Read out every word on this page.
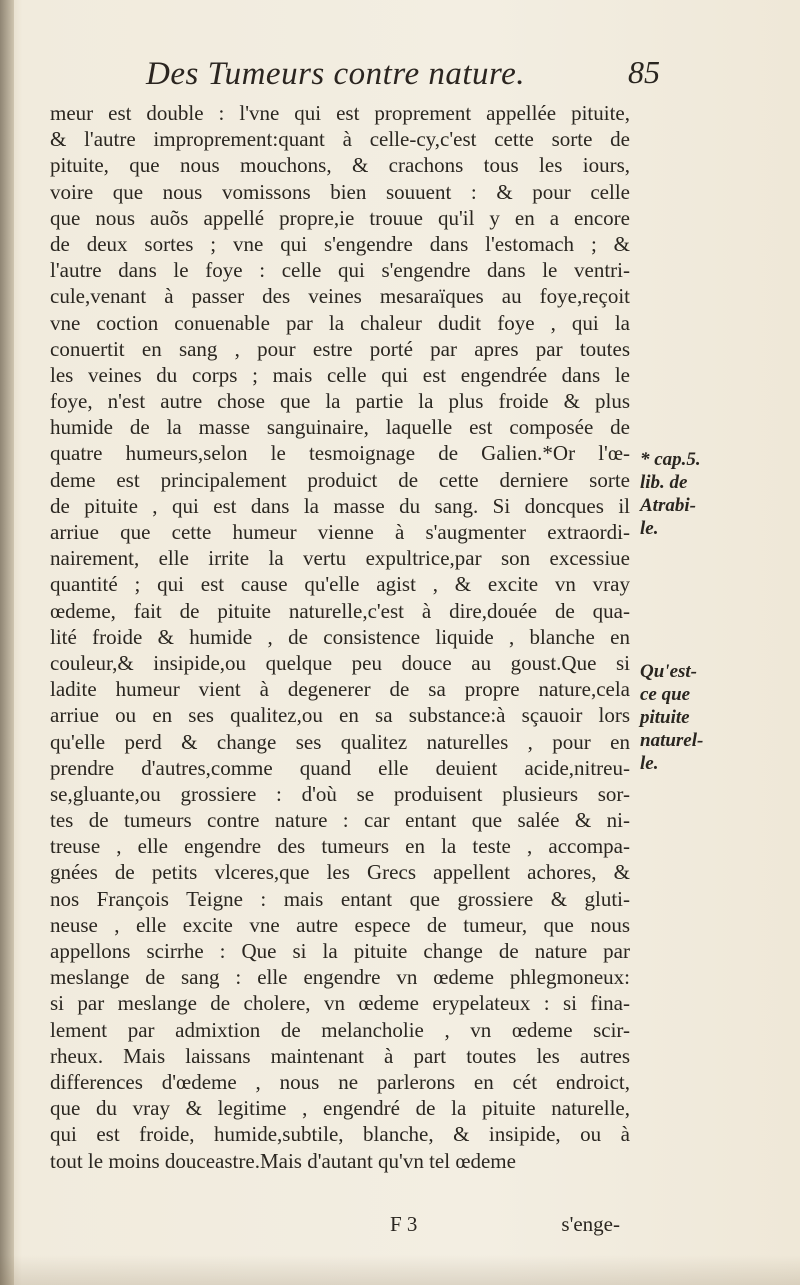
Des Tumeurs contre nature.	85
meur est double : l'vne qui est proprement appellée pituite,
& l'autre improprement:quant à celle-cy,c'est cette sorte de
pituite, que nous mouchons, & crachons tous les iours,
voire que nous vomissons bien souuent : & pour celle
que nous auõs appellé propre,ie trouue qu'il y en a encore
de deux sortes ; vne qui s'engendre dans l'estomach ; &
l'autre dans le foye : celle qui s'engendre dans le ventri-
cule,venant à passer des veines mesaraïques au foye,reçoit
vne coction conuenable par la chaleur dudit foye , qui la
conuertit en sang , pour estre porté par apres par toutes
les veines du corps ; mais celle qui est engendrée dans le
foye, n'est autre chose que la partie la plus froide & plus
humide de la masse sanguinaire, laquelle est composée de
quatre humeurs,selon le tesmoignage de Galien.*Or l'œ-
deme est principalement produict de cette derniere sorte
de pituite , qui est dans la masse du sang. Si doncques il
arriue que cette humeur vienne à s'augmenter extraordi-
nairement, elle irrite la vertu expultrice,par son excessiue
quantité ; qui est cause qu'elle agist , & excite vn vray
œdeme, fait de pituite naturelle,c'est à dire,douée de qua-
lité froide & humide , de consistence liquide , blanche en
couleur,& insipide,ou quelque peu douce au goust.Que si
ladite humeur vient à degenerer de sa propre nature,cela
arriue ou en ses qualitez,ou en sa substance:à sçauoir lors
qu'elle perd & change ses qualitez naturelles , pour en
prendre d'autres,comme quand elle deuient acide,nitreu-
se,gluante,ou grossiere : d'où se produisent plusieurs sor-
tes de tumeurs contre nature : car entant que salée & ni-
treuse , elle engendre des tumeurs en la teste , accompa-
gnées de petits vlceres,que les Grecs appellent achores, &
nos François Teigne : mais entant que grossiere & gluti-
neuse , elle excite vne autre espece de tumeur, que nous
appellons scirrhe : Que si la pituite change de nature par
meslange de sang : elle engendre vn œdeme phlegmoneux:
si par meslange de cholere, vn œdeme erypelateux : si fina-
lement par admixtion de melancholie , vn œdeme scir-
rheux. Mais laissans maintenant à part toutes les autres
differences d'œdeme , nous ne parlerons en cét endroict,
que du vray & legitime , engendré de la pituite naturelle,
qui est froide, humide,subtile, blanche, & insipide, ou à
tout le moins douceastre.Mais d'autant qu'vn tel œdeme
* cap.5.
lib. de
Atrabi-
le.
Qu'est-
ce que
pituite
naturel-
le.
F 3	s'enge-
